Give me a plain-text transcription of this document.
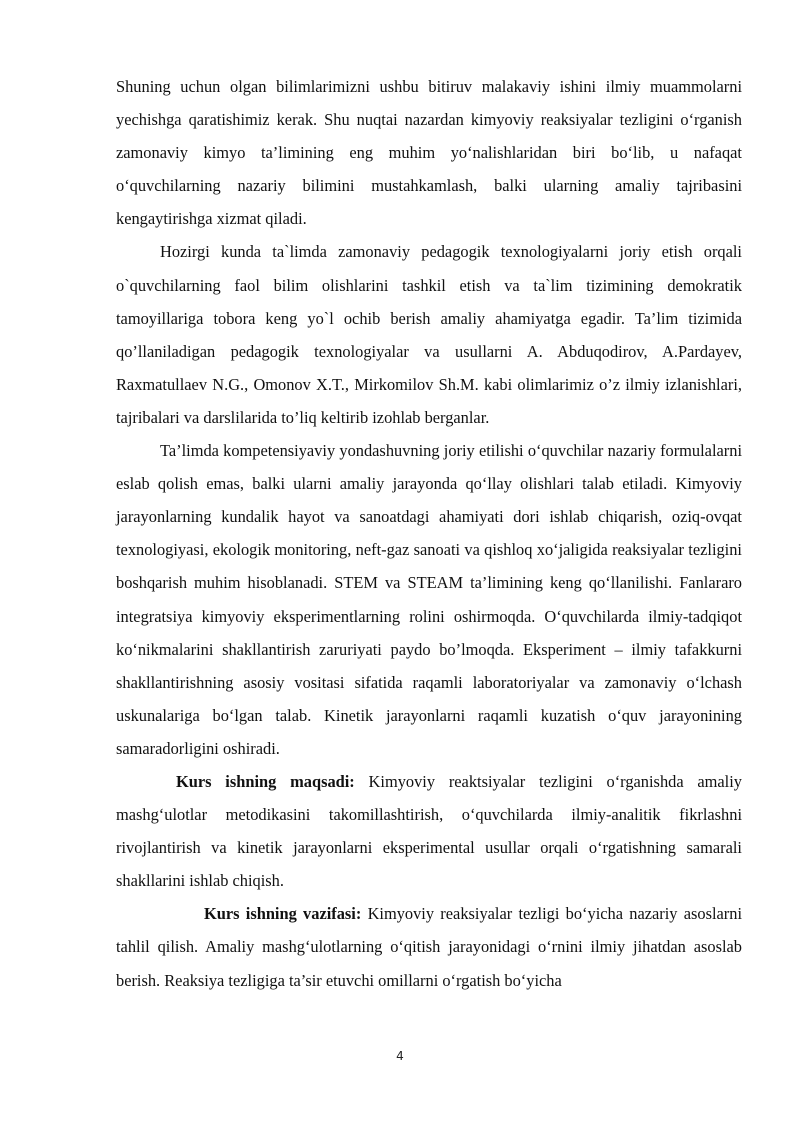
Shuning uchun olgan bilimlarimizni ushbu bitiruv malakaviy ishini ilmiy muammolarni yechishga qaratishimiz kerak. Shu nuqtai nazardan kimyoviy reaksiyalar tezligini o‘rganish zamonaviy kimyo ta’limining eng muhim yo‘nalishlaridan biri bo‘lib, u nafaqat o‘quvchilarning nazariy bilimini mustahkamlash, balki ularning amaliy tajribasini kengaytirishga xizmat qiladi.

Hozirgi kunda ta`limda zamonaviy pedagogik texnologiyalarni joriy etish orqali o`quvchilarning faol bilim olishlarini tashkil etish va ta`lim tizimining demokratik tamoyillariga tobora keng yo`l ochib berish amaliy ahamiyatga egadir. Ta’lim tizimida qo’llaniladigan pedagogik texnologiyalar va usullarni A. Abduqodirov, A.Pardayev, Raxmatullaev N.G., Omonov X.T., Mirkomilov Sh.M. kabi olimlarimiz o’z ilmiy izlanishlari, tajribalari va darslilarida to’liq keltirib izohlab berganlar.

Ta’limda kompetensiyaviy yondashuvning joriy etilishi o‘quvchilar nazariy formulalarni eslab qolish emas, balki ularni amaliy jarayonda qo‘llay olishlari talab etiladi. Kimyoviy jarayonlarning kundalik hayot va sanoatdagi ahamiyati dori ishlab chiqarish, oziq-ovqat texnologiyasi, ekologik monitoring, neft-gaz sanoati va qishloq xo‘jaligida reaksiyalar tezligini boshqarish muhim hisoblanadi. STEM va STEAM ta’limining keng qo‘llanilishi. Fanlararo integratsiya kimyoviy eksperimentlarning rolini oshirmoqda. O‘quvchilarda ilmiy-tadqiqot ko‘nikmalarini shakllantirish zaruriyati paydo bo’lmoqda. Eksperiment – ilmiy tafakkurni shakllantirishning asosiy vositasi sifatida raqamli laboratoriyalar va zamonaviy o‘lchash uskunalariga bo‘lgan talab. Kinetik jarayonlarni raqamli kuzatish o‘quv jarayonining samaradorligini oshiradi.

Kurs ishning maqsadi: Kimyoviy reaktsiyalar tezligini o‘rganishda amaliy mashg‘ulotlar metodikasini takomillashtirish, o‘quvchilarda ilmiy-analitik fikrlashni rivojlantirish va kinetik jarayonlarni eksperimental usullar orqali o‘rgatishning samarali shakllarini ishlab chiqish.

Kurs ishning vazifasi: Kimyoviy reaksiyalar tezligi bo‘yicha nazariy asoslarni tahlil qilish. Amaliy mashg‘ulotlarning o‘qitish jarayonidagi o‘rnini ilmiy jihatdan asoslab berish. Reaksiya tezligiga ta’sir etuvchi omillarni o‘rgatish bo‘yicha

4
